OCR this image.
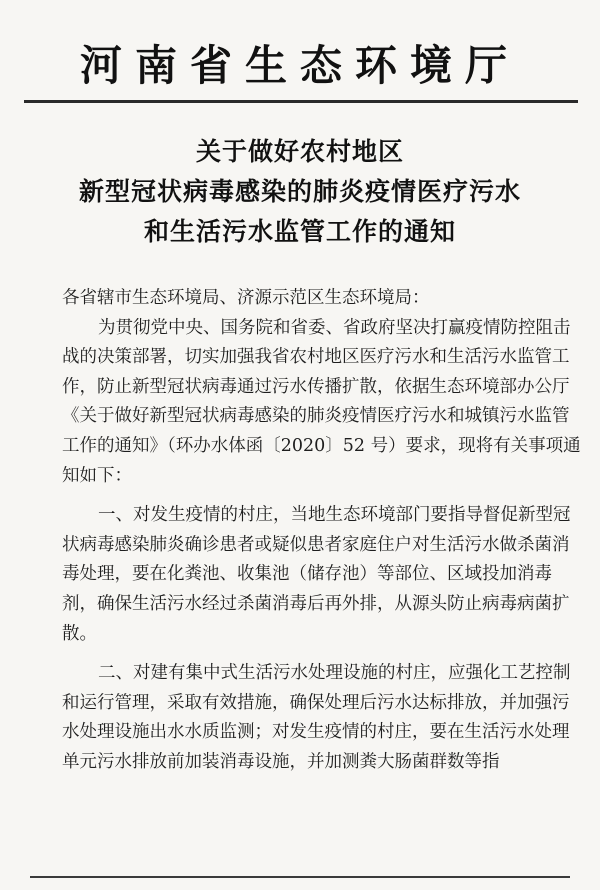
河南省生态环境厅
关于做好农村地区
新型冠状病毒感染的肺炎疫情医疗污水
和生活污水监管工作的通知

各省辖市生态环境局、济源示范区生态环境局：

为贯彻党中央、国务院和省委、省政府坚决打赢疫情防控阻击战的决策部署，切实加强我省农村地区医疗污水和生活污水监管工作，防止新型冠状病毒通过污水传播扩散，依据生态环境部办公厅《关于做好新型冠状病毒感染的肺炎疫情医疗污水和城镇污水监管工作的通知》（环办水体函〔2020〕52 号）要求，现将有关事项通知如下：

一、对发生疫情的村庄，当地生态环境部门要指导督促新型冠状病毒感染肺炎确诊患者或疑似患者家庭住户对生活污水做杀菌消毒处理，要在化粪池、收集池（储存池）等部位、区域投加消毒剂，确保生活污水经过杀菌消毒后再外排，从源头防止病毒病菌扩散。

二、对建有集中式生活污水处理设施的村庄，应强化工艺控制和运行管理，采取有效措施，确保处理后污水达标排放，并加强污水处理设施出水水质监测；对发生疫情的村庄，要在生活污水处理单元污水排放前加装消毒设施，并加测粪大肠菌群数等指
